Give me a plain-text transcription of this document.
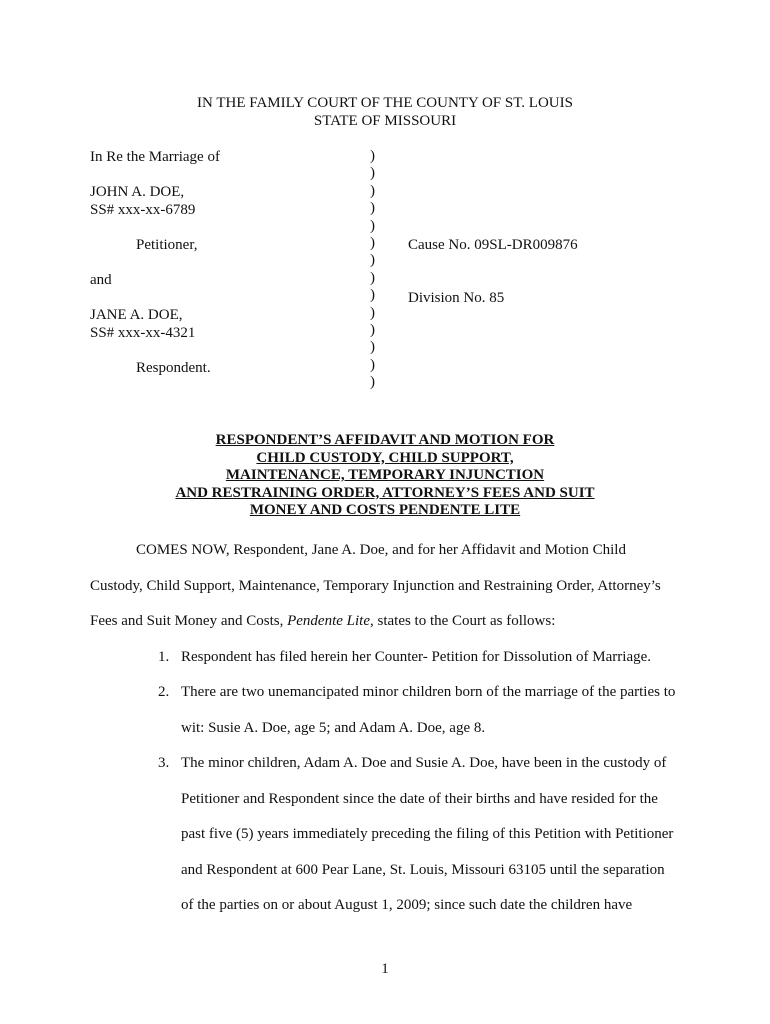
IN THE FAMILY COURT OF THE COUNTY OF ST. LOUIS
STATE OF MISSOURI
In Re the Marriage of
JOHN A. DOE,
SS# xxx-xx-6789
Petitioner,
and
JANE A. DOE,
SS# xxx-xx-4321
Respondent.
)
)
)
)
)
)
)
)
)
)
)
)
)
)
Cause No. 09SL-DR009876
Division No. 85
RESPONDENT’S AFFIDAVIT AND MOTION FOR
CHILD CUSTODY, CHILD SUPPORT,
MAINTENANCE, TEMPORARY INJUNCTION
AND RESTRAINING ORDER, ATTORNEY’S FEES AND SUIT
MONEY AND COSTS PENDENTE LITE
COMES NOW, Respondent, Jane A. Doe, and for her Affidavit and Motion Child
Custody, Child Support, Maintenance, Temporary Injunction and Restraining Order, Attorney’s
Fees and Suit Money and Costs, Pendente Lite, states to the Court as follows:
1. Respondent has filed herein her Counter- Petition for Dissolution of Marriage.
2. There are two unemancipated minor children born of the marriage of the parties to
wit: Susie A. Doe, age 5; and Adam A. Doe, age 8.
3. The minor children, Adam A. Doe and Susie A. Doe, have been in the custody of
Petitioner and Respondent since the date of their births and have resided for the
past five (5) years immediately preceding the filing of this Petition with Petitioner
and Respondent at 600 Pear Lane, St. Louis, Missouri 63105 until the separation
of the parties on or about August 1, 2009; since such date the children have
1
